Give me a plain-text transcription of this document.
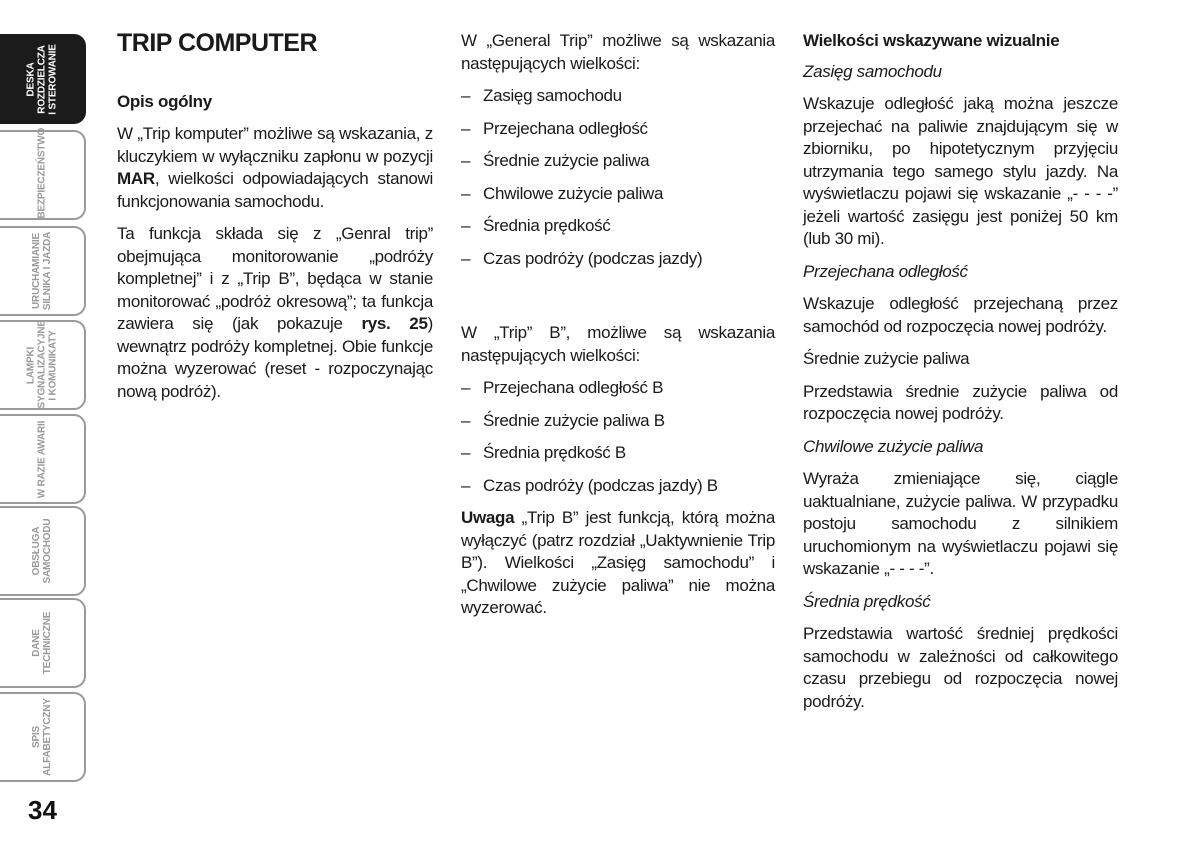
DESKA
ROZDZIELCZA
I STEROWANIE
BEZPIECZEŃSTWO
URUCHAMIANIE
SILNIKA I JAZDA
LAMPKI
SYGNALIZACYJNE
I KOMUNIKATY
W RAZIE AWARII
OBSŁUGA
SAMOCHODU
DANE
TECHNICZNE
SPIS
ALFABETYCZNY
34
TRIP COMPUTER
Opis ogólny

W „Trip komputer” możliwe są wskazania, z kluczykiem w wyłączniku zapłonu w pozycji MAR, wielkości odpowiadających stanowi funkcjonowania samochodu.

Ta funkcja składa się z „Genral trip” obejmująca monitorowanie „podróży kompletnej” i z „Trip B”, będąca w stanie monitorować „podróż okresową”; ta funkcja zawiera się (jak pokazuje rys. 25) wewnątrz podróży kompletnej. Obie funkcje można wyzerować (reset - rozpoczynając nową podróż).

W „General Trip” możliwe są wskazania następujących wielkości:

– Zasięg samochodu
– Przejechana odległość
– Średnie zużycie paliwa
– Chwilowe zużycie paliwa
– Średnia prędkość
– Czas podróży (podczas jazdy)

W „Trip” B”, możliwe są wskazania następujących wielkości:

– Przejechana odległość B
– Średnie zużycie paliwa B
– Średnia prędkość B
– Czas podróży (podczas jazdy) B

Uwaga „Trip B” jest funkcją, którą można wyłączyć (patrz rozdział „Uaktywnienie Trip B”). Wielkości „Zasięg samochodu” i „Chwilowe zużycie paliwa” nie można wyzerować.

Wielkości wskazywane wizualnie
Zasięg samochodu

Wskazuje odległość jaką można jeszcze przejechać na paliwie znajdującym się w zbiorniku, po hipotetycznym przyjęciu utrzymania tego samego stylu jazdy. Na wyświetlaczu pojawi się wskazanie „- - - -” jeżeli wartość zasięgu jest poniżej 50 km (lub 30 mi).

Przejechana odległość

Wskazuje odległość przejechaną przez samochód od rozpoczęcia nowej podróży.

Średnie zużycie paliwa

Przedstawia średnie zużycie paliwa od rozpoczęcia nowej podróży.

Chwilowe zużycie paliwa

Wyraża zmieniające się, ciągle uaktualniane, zużycie paliwa. W przypadku postoju samochodu z silnikiem uruchomionym na wyświetlaczu pojawi się wskazanie „- - - -”.

Średnia prędkość

Przedstawia wartość średniej prędkości samochodu w zależności od całkowitego czasu przebiegu od rozpoczęcia nowej podróży.
